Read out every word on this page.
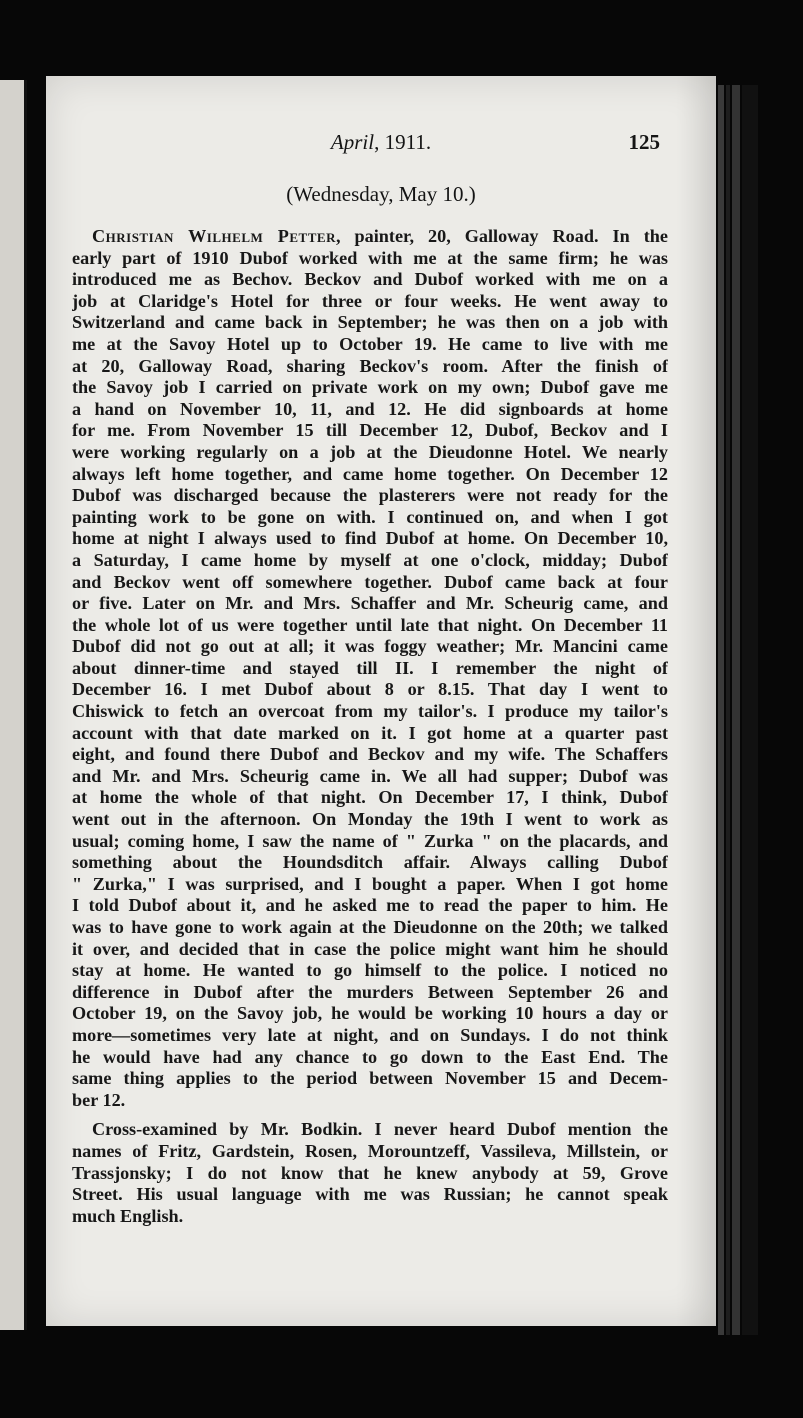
April, 1911.	125
(Wednesday, May 10.)
Christian Wilhelm Petter, painter, 20, Galloway Road. In the
early part of 1910 Dubof worked with me at the same firm; he was
introduced me as Bechov. Beckov and Dubof worked with me on a
job at Claridge's Hotel for three or four weeks. He went away to
Switzerland and came back in September; he was then on a job with
me at the Savoy Hotel up to October 19. He came to live with me
at 20, Galloway Road, sharing Beckov's room. After the finish of
the Savoy job I carried on private work on my own; Dubof gave me
a hand on November 10, 11, and 12. He did signboards at home
for me. From November 15 till December 12, Dubof, Beckov and I
were working regularly on a job at the Dieudonne Hotel. We nearly
always left home together, and came home together. On December 12
Dubof was discharged because the plasterers were not ready for the
painting work to be gone on with. I continued on, and when I got
home at night I always used to find Dubof at home. On December 10,
a Saturday, I came home by myself at one o'clock, midday; Dubof
and Beckov went off somewhere together. Dubof came back at four
or five. Later on Mr. and Mrs. Schaffer and Mr. Scheurig came, and
the whole lot of us were together until late that night. On December 11
Dubof did not go out at all; it was foggy weather; Mr. Mancini came
about dinner-time and stayed till II. I remember the night of
December 16. I met Dubof about 8 or 8.15. That day I went to
Chiswick to fetch an overcoat from my tailor's. I produce my tailor's
account with that date marked on it. I got home at a quarter past
eight, and found there Dubof and Beckov and my wife. The Schaffers
and Mr. and Mrs. Scheurig came in. We all had supper; Dubof was
at home the whole of that night. On December 17, I think, Dubof
went out in the afternoon. On Monday the 19th I went to work as
usual; coming home, I saw the name of " Zurka " on the placards, and
something about the Houndsditch affair. Always calling Dubof
" Zurka," I was surprised, and I bought a paper. When I got home
I told Dubof about it, and he asked me to read the paper to him. He
was to have gone to work again at the Dieudonne on the 20th; we talked
it over, and decided that in case the police might want him he should
stay at home. He wanted to go himself to the police. I noticed no
difference in Dubof after the murders Between September 26 and
October 19, on the Savoy job, he would be working 10 hours a day or
more—sometimes very late at night, and on Sundays. I do not think
he would have had any chance to go down to the East End. The
same thing applies to the period between November 15 and Decem-
ber 12.
Cross-examined by Mr. Bodkin. I never heard Dubof mention the
names of Fritz, Gardstein, Rosen, Morountzeff, Vassileva, Millstein, or
Trassjonsky; I do not know that he knew anybody at 59, Grove
Street. His usual language with me was Russian; he cannot speak
much English.
